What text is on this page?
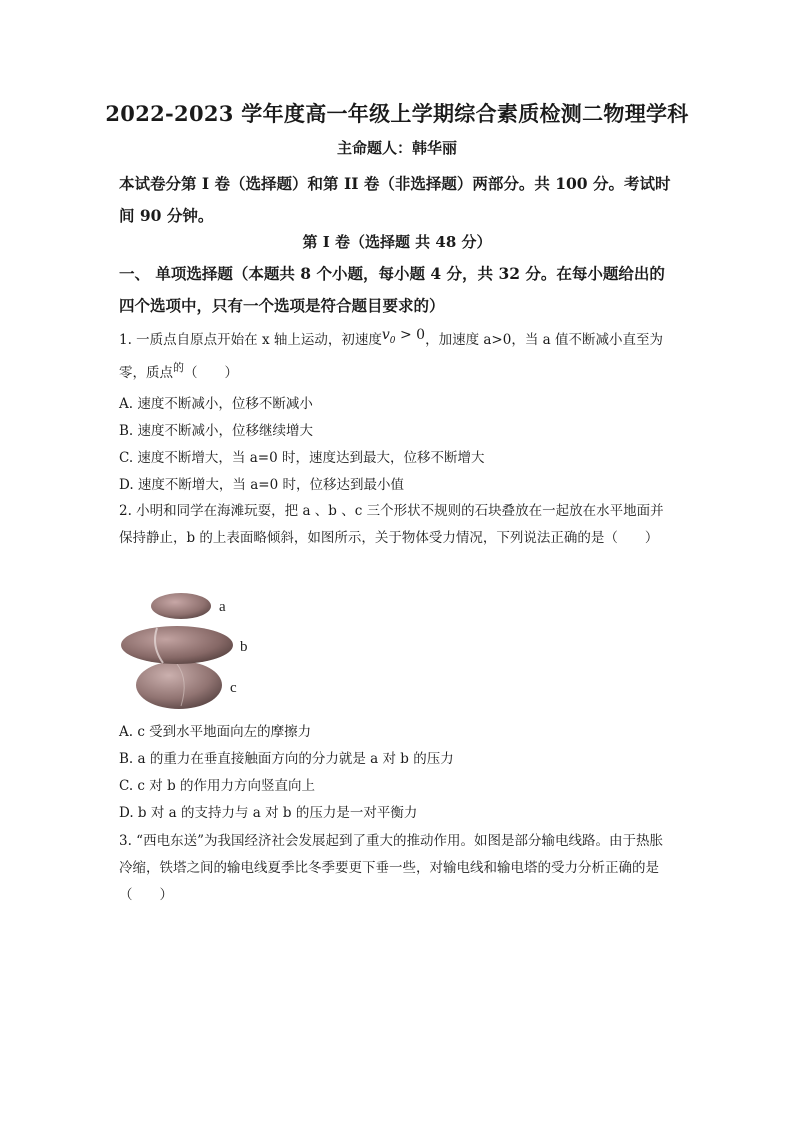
2022-2023 学年度高一年级上学期综合素质检测二物理学科
主命题人：韩华丽
本试卷分第 I 卷（选择题）和第 II 卷（非选择题）两部分。共 100 分。考试时间 90 分钟。
第 I 卷（选择题 共 48 分）
一、 单项选择题（本题共 8 个小题，每小题 4 分，共 32 分。在每小题给出的四个选项中，只有一个选项是符合题目要求的）
1. 一质点自原点开始在 x 轴上运动，初速度$v_0 > 0$，加速度 a>0，当 a 值不断减小直至为零，质点$^的$（　　）
A. 速度不断减小，位移不断减小
B. 速度不断减小，位移继续增大
C. 速度不断增大，当 a=0 时，速度达到最大，位移不断增大
D. 速度不断增大，当 a=0 时，位移达到最小值
2. 小明和同学在海滩玩耍，把 a 、b 、c 三个形状不规则的石块叠放在一起放在水平地面并保持静止，b 的上表面略倾斜，如图所示，关于物体受力情况，下列说法正确的是（　　）
a
b
c
A. c 受到水平地面向左的摩擦力
B. a 的重力在垂直接触面方向的分力就是 a 对 b 的压力
C. c 对 b 的作用力方向竖直向上
D. b 对 a 的支持力与 a 对 b 的压力是一对平衡力
3. “西电东送”为我国经济社会发展起到了重大的推动作用。如图是部分输电线路。由于热胀冷缩，铁塔之间的输电线夏季比冬季要更下垂一些，对输电线和输电塔的受力分析正确的是（　　）
